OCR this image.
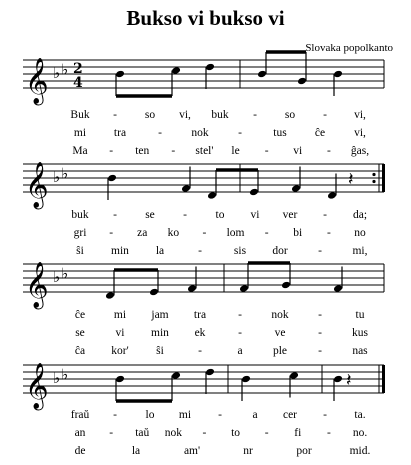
Bukso vi bukso vi
Slovaka popolkanto
𝄞 ♭ ♭ 2
4
𝄞 ♭ ♭
𝄞 ♭ ♭
𝄞 ♭ ♭
𝄽
𝄽
Buk - so vi, buk - so - vi,
mi tra	-	nok	-	tus ĉe	vi,
Ma - ten - stel' le - vi - ĝas,
buk - se - to vi ver - da;
gri - za ko - lom - bi - no
ŝi min la	-	sis dor	-	mi,
ĉe	mi jam tra	-	nok	-	tu
se	vi min ek	-	ve	-	kus
ĉa kor' ŝi	-	a	ple	-	nas
fraŭ - lo mi -	a cer - ta.
an - taŭ nok - to - fi - no.
de	la	am'	nr	por	mid.
